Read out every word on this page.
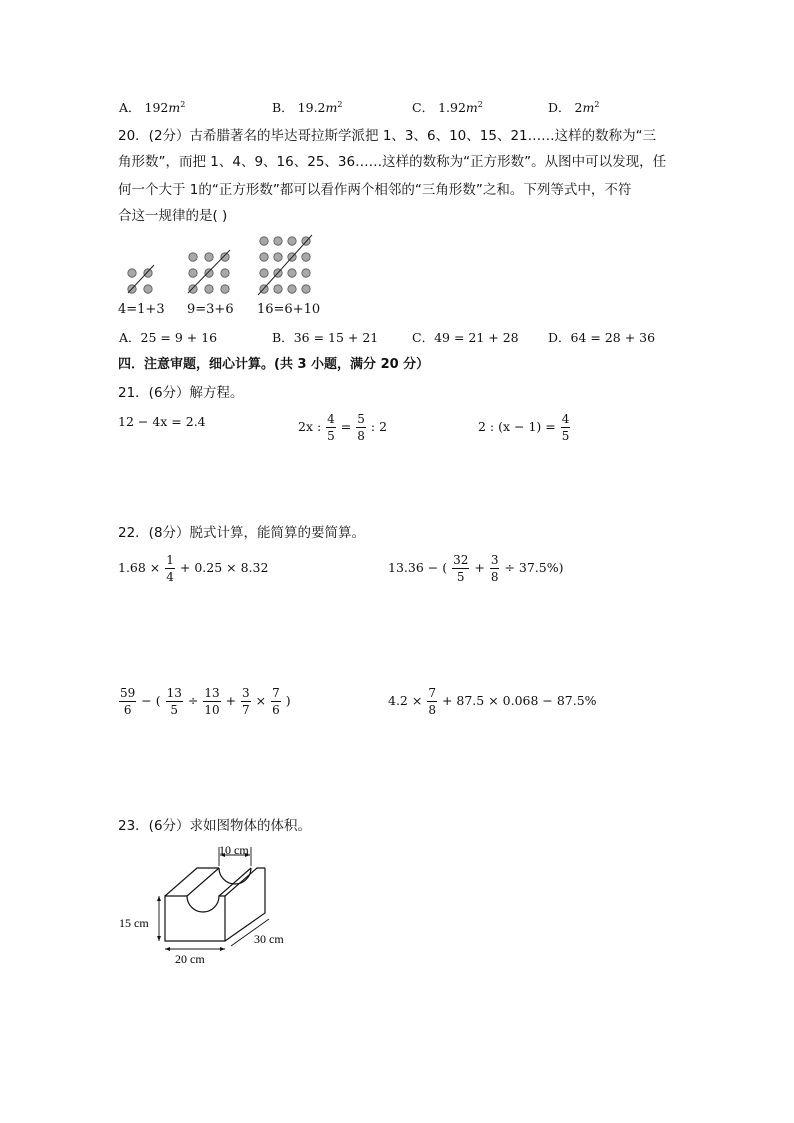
A． $192m^2$	B． $19.2m^2$	C． $1.92m^2$	D． $2m^2$
20．(2分）古希腊著名的毕达哥拉斯学派把 1、3、6、10、15、21……这样的数称为“三
角形数”，而把 1、4、9、16、25、36……这样的数称为“正方形数”。从图中可以发现，任
何一个大于 1的“正方形数”都可以看作两个相邻的“三角形数”之和。下列等式中，不符
合这一规律的是( )
4=1+3 9=3+6 16=6+10
A．25 = 9 + 16	B．36 = 15 + 21	C．49 = 21 + 28 D．64 = 28 + 36
四．注意审题，细心计算。(共 3 小题，满分 20 分）
21．(6分）解方程。
12 − 4x = 2.4	2x : $\frac{4}{5} = \frac{5}{8}$ : 2	2 : $(x - 1) = \frac{4}{5}$
22．(8分）脱式计算，能简算的要简算。
$1.68 \times \frac{1}{4} + 0.25 \times 8.32$	13.36 − ( $\frac{32}{5} + \frac{3}{8} \div 37.5\%$)
$\frac{59}{6}$ − ( $\frac{13}{5} \div \frac{13}{10} + \frac{3}{7} \times \frac{7}{6}$ )	$4.2 \times \frac{7}{8} + 87.5 \times 0.068 - 87.5\%$
23．(6分）求如图物体的体积。
10 cm
15 cm
20 cm
30 cm
